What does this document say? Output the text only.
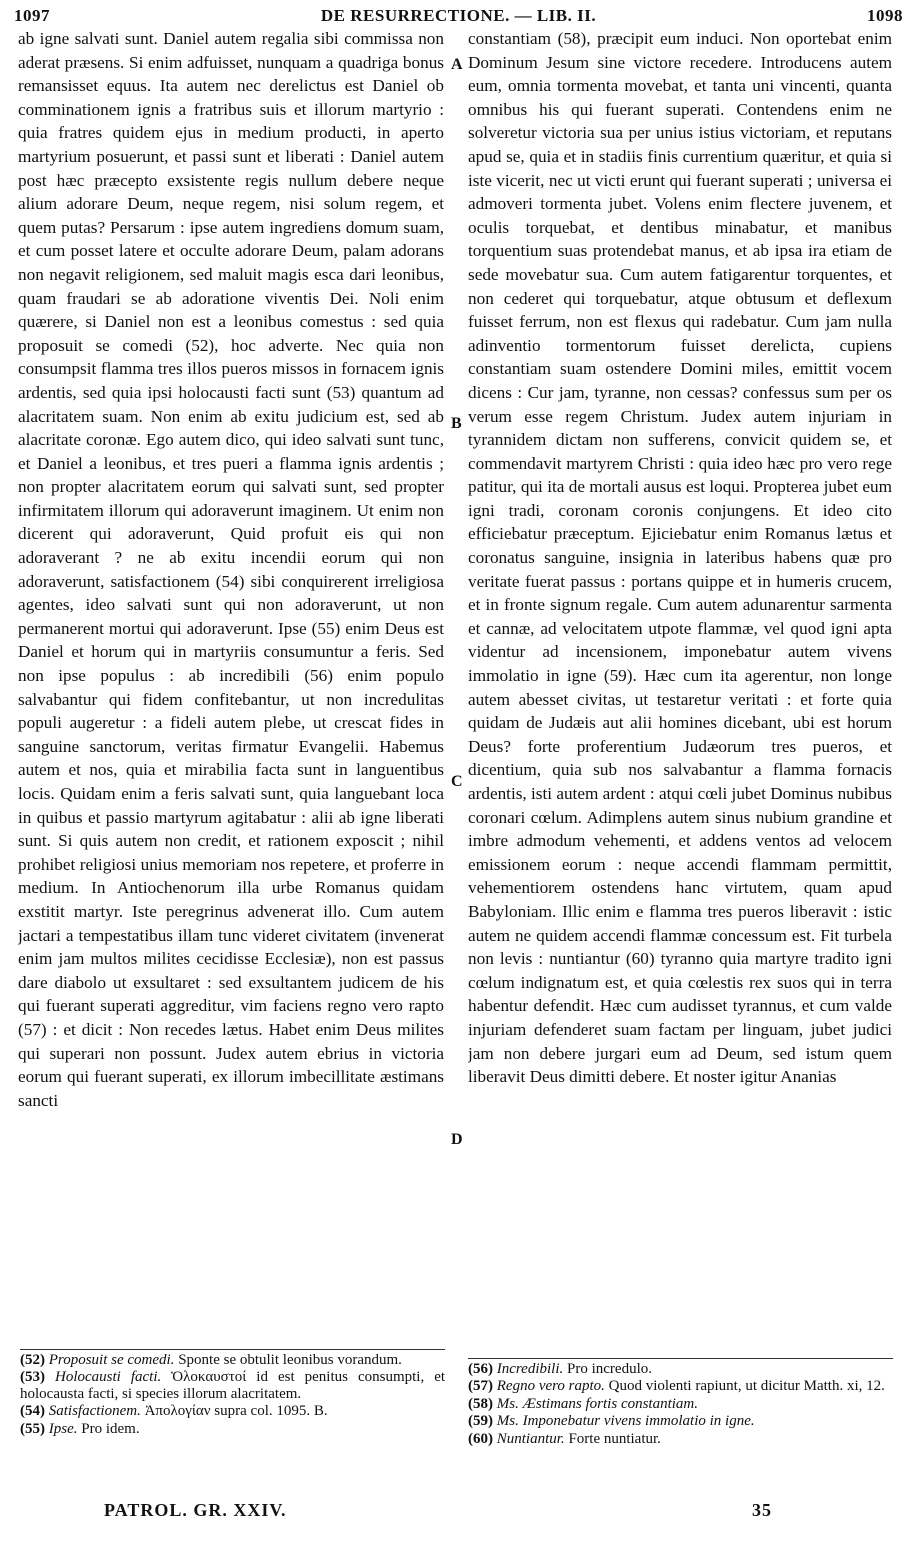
1097	DE RESURRECTIONE. — LIB. II.	1098

ab igne salvati sunt. Daniel autem regalia sibi commissa non aderat præsens. Si enim adfuisset, nunquam a quadriga bonus remansisset equus. Ita autem nec derelictus est Daniel ob comminationem ignis a fratribus suis et illorum martyrio : quia fratres quidem ejus in medium producti, in aperto martyrium posuerunt, et passi sunt et liberati : Daniel autem post hæc præcepto exsistente regis nullum debere neque alium adorare Deum, neque regem, nisi solum regem, et quem putas? Persarum : ipse autem ingrediens domum suam, et cum posset latere et occulte adorare Deum, palam adorans non negavit religionem, sed maluit magis esca dari leonibus, quam fraudari se ab adoratione viventis Dei. Noli enim quærere, si Daniel non est a leonibus comestus : sed quia proposuit se comedi (52), hoc adverte. Nec quia non consumpsit flamma tres illos pueros missos in fornacem ignis ardentis, sed quia ipsi holocausti facti sunt (53) quantum ad alacritatem suam. Non enim ab exitu judicium est, sed ab alacritate coronæ. Ego autem dico, qui ideo salvati sunt tunc, et Daniel a leonibus, et tres pueri a flamma ignis ardentis ; non propter alacritatem eorum qui salvati sunt, sed propter infirmitatem illorum qui adoraverunt imaginem. Ut enim non dicerent qui adoraverunt, Quid profuit eis qui non adoraverant ? ne ab exitu incendii eorum qui non adoraverunt, satisfactionem (54) sibi conquirerent irreligiosa agentes, ideo salvati sunt qui non adoraverunt, ut non permanerent mortui qui adoraverunt. Ipse (55) enim Deus est Daniel et horum qui in martyriis consumuntur a feris. Sed non ipse populus : ab incredibili (56) enim populo salvabantur qui fidem confitebantur, ut non incredulitas populi augeretur : a fideli autem plebe, ut crescat fides in sanguine sanctorum, veritas firmatur Evangelii. Habemus autem et nos, quia et mirabilia facta sunt in languentibus locis. Quidam enim a feris salvati sunt, quia languebant loca in quibus et passio martyrum agitabatur : alii ab igne liberati sunt. Si quis autem non credit, et rationem exposcit ; nihil prohibet religiosi unius memoriam nos repetere, et proferre in medium. In Antiochenorum illa urbe Romanus quidam exstitit martyr. Iste peregrinus advenerat illo. Cum autem jactari a tempestatibus illam tunc videret civitatem (invenerat enim jam multos milites cecidisse Ecclesiæ), non est passus dare diabolo ut exsultaret : sed exsultantem judicem de his qui fuerant superati aggreditur, vim faciens regno vero rapto (57) : et dicit : Non recedes lætus. Habet enim Deus milites qui superari non possunt. Judex autem ebrius in victoria eorum qui fuerant superati, ex illorum imbecillitate æstimans sancti

A
B
C
D

constantiam (58), præcipit eum induci. Non oportebat enim Dominum Jesum sine victore recedere. Introducens autem eum, omnia tormenta movebat, et tanta uni vincenti, quanta omnibus his qui fuerant superati. Contendens enim ne solveretur victoria sua per unius istius victoriam, et reputans apud se, quia et in stadiis finis currentium quæritur, et quia si iste vicerit, nec ut victi erunt qui fuerant superati ; universa ei admoveri tormenta jubet. Volens enim flectere juvenem, et oculis torquebat, et dentibus minabatur, et manibus torquentium suas protendebat manus, et ab ipsa ira etiam de sede movebatur sua. Cum autem fatigarentur torquentes, et non cederet qui torquebatur, atque obtusum et deflexum fuisset ferrum, non est flexus qui radebatur. Cum jam nulla adinventio tormentorum fuisset derelicta, cupiens constantiam suam ostendere Domini miles, emittit vocem dicens : Cur jam, tyranne, non cessas? confessus sum per os verum esse regem Christum. Judex autem injuriam in tyrannidem dictam non sufferens, convicit quidem se, et commendavit martyrem Christi : quia ideo hæc pro vero rege patitur, qui ita de mortali ausus est loqui. Propterea jubet eum igni tradi, coronam coronis conjungens. Et ideo cito efficiebatur præceptum. Ejiciebatur enim Romanus lætus et coronatus sanguine, insignia in lateribus habens quæ pro veritate fuerat passus : portans quippe et in humeris crucem, et in fronte signum regale. Cum autem adunarentur sarmenta et cannæ, ad velocitatem utpote flammæ, vel quod igni apta videntur ad incensionem, imponebatur autem vivens immolatio in igne (59). Hæc cum ita agerentur, non longe autem abesset civitas, ut testaretur veritati : et forte quia quidam de Judæis aut alii homines dicebant, ubi est horum Deus? forte proferentium Judæorum tres pueros, et dicentium, quia sub nos salvabantur a flamma fornacis ardentis, isti autem ardent : atqui cœli jubet Dominus nubibus coronari cœlum. Adimplens autem sinus nubium grandine et imbre admodum vehementi, et addens ventos ad velocem emissionem eorum : neque accendi flammam permittit, vehementiorem ostendens hanc virtutem, quam apud Babyloniam. Illic enim e flamma tres pueros liberavit : istic autem ne quidem accendi flammæ concessum est. Fit turbela non levis : nuntiantur (60) tyranno quia martyre tradito igni cœlum indignatum est, et quia cœlestis rex suos qui in terra habentur defendit. Hæc cum audisset tyrannus, et cum valde injuriam defenderet suam factam per linguam, jubet judici jam non debere jurgari eum ad Deum, sed istum quem liberavit Deus dimitti debere. Et noster igitur Ananias

(52) Proposuit se comedi. Sponte se obtulit leonibus vorandum.

(53) Holocausti facti. Ὁλοκαυστοί id est penitus consumpti, et holocausta facti, si species illorum alacritatem.

(54) Satisfactionem. Ἀπολογίαν supra col. 1095. B.

(55) Ipse. Pro idem.

(56) Incredibili. Pro incredulo.

(57) Regno vero rapto. Quod violenti rapiunt, ut dicitur Matth. xi, 12.

(58) Ms. Æstimans fortis constantiam.

(59) Ms. Imponebatur vivens immolatio in igne.

(60) Nuntiantur. Forte nuntiatur.

PATROL. GR. XXIV.	35
